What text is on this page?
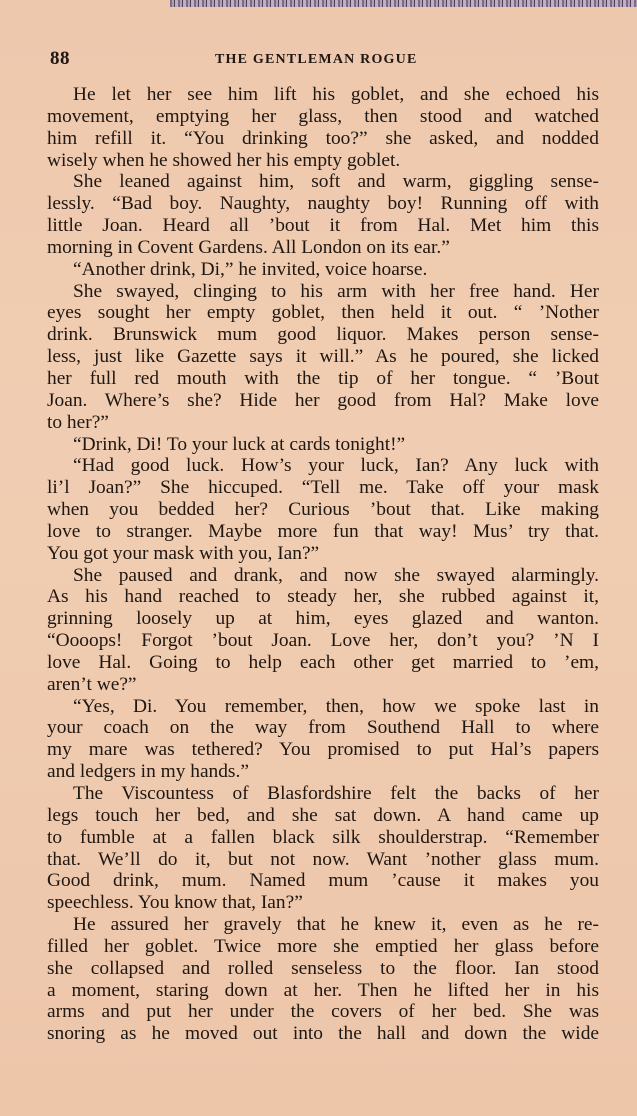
88	THE GENTLEMAN ROGUE
He let her see him lift his goblet, and she echoed his
movement, emptying her glass, then stood and watched
him refill it. “You drinking too?” she asked, and nodded
wisely when he showed her his empty goblet.
She leaned against him, soft and warm, giggling sense-
lessly. “Bad boy. Naughty, naughty boy! Running off with
little Joan. Heard all ’bout it from Hal. Met him this
morning in Covent Gardens. All London on its ear.”
“Another drink, Di,” he invited, voice hoarse.
She swayed, clinging to his arm with her free hand. Her
eyes sought her empty goblet, then held it out. “ ’Nother
drink. Brunswick mum good liquor. Makes person sense-
less, just like Gazette says it will.” As he poured, she licked
her full red mouth with the tip of her tongue. “ ’Bout
Joan. Where’s she? Hide her good from Hal? Make love
to her?”
“Drink, Di! To your luck at cards tonight!”
“Had good luck. How’s your luck, Ian? Any luck with
li’l Joan?” She hiccuped. “Tell me. Take off your mask
when you bedded her? Curious ’bout that. Like making
love to stranger. Maybe more fun that way! Mus’ try that.
You got your mask with you, Ian?”
She paused and drank, and now she swayed alarmingly.
As his hand reached to steady her, she rubbed against it,
grinning loosely up at him, eyes glazed and wanton.
“Oooops! Forgot ’bout Joan. Love her, don’t you? ’N I
love Hal. Going to help each other get married to ’em,
aren’t we?”
“Yes, Di. You remember, then, how we spoke last in
your coach on the way from Southend Hall to where
my mare was tethered? You promised to put Hal’s papers
and ledgers in my hands.”
The Viscountess of Blasfordshire felt the backs of her
legs touch her bed, and she sat down. A hand came up
to fumble at a fallen black silk shoulderstrap. “Remember
that. We’ll do it, but not now. Want ’nother glass mum.
Good drink, mum. Named mum ’cause it makes you
speechless. You know that, Ian?”
He assured her gravely that he knew it, even as he re-
filled her goblet. Twice more she emptied her glass before
she collapsed and rolled senseless to the floor. Ian stood
a moment, staring down at her. Then he lifted her in his
arms and put her under the covers of her bed. She was
snoring as he moved out into the hall and down the wide
